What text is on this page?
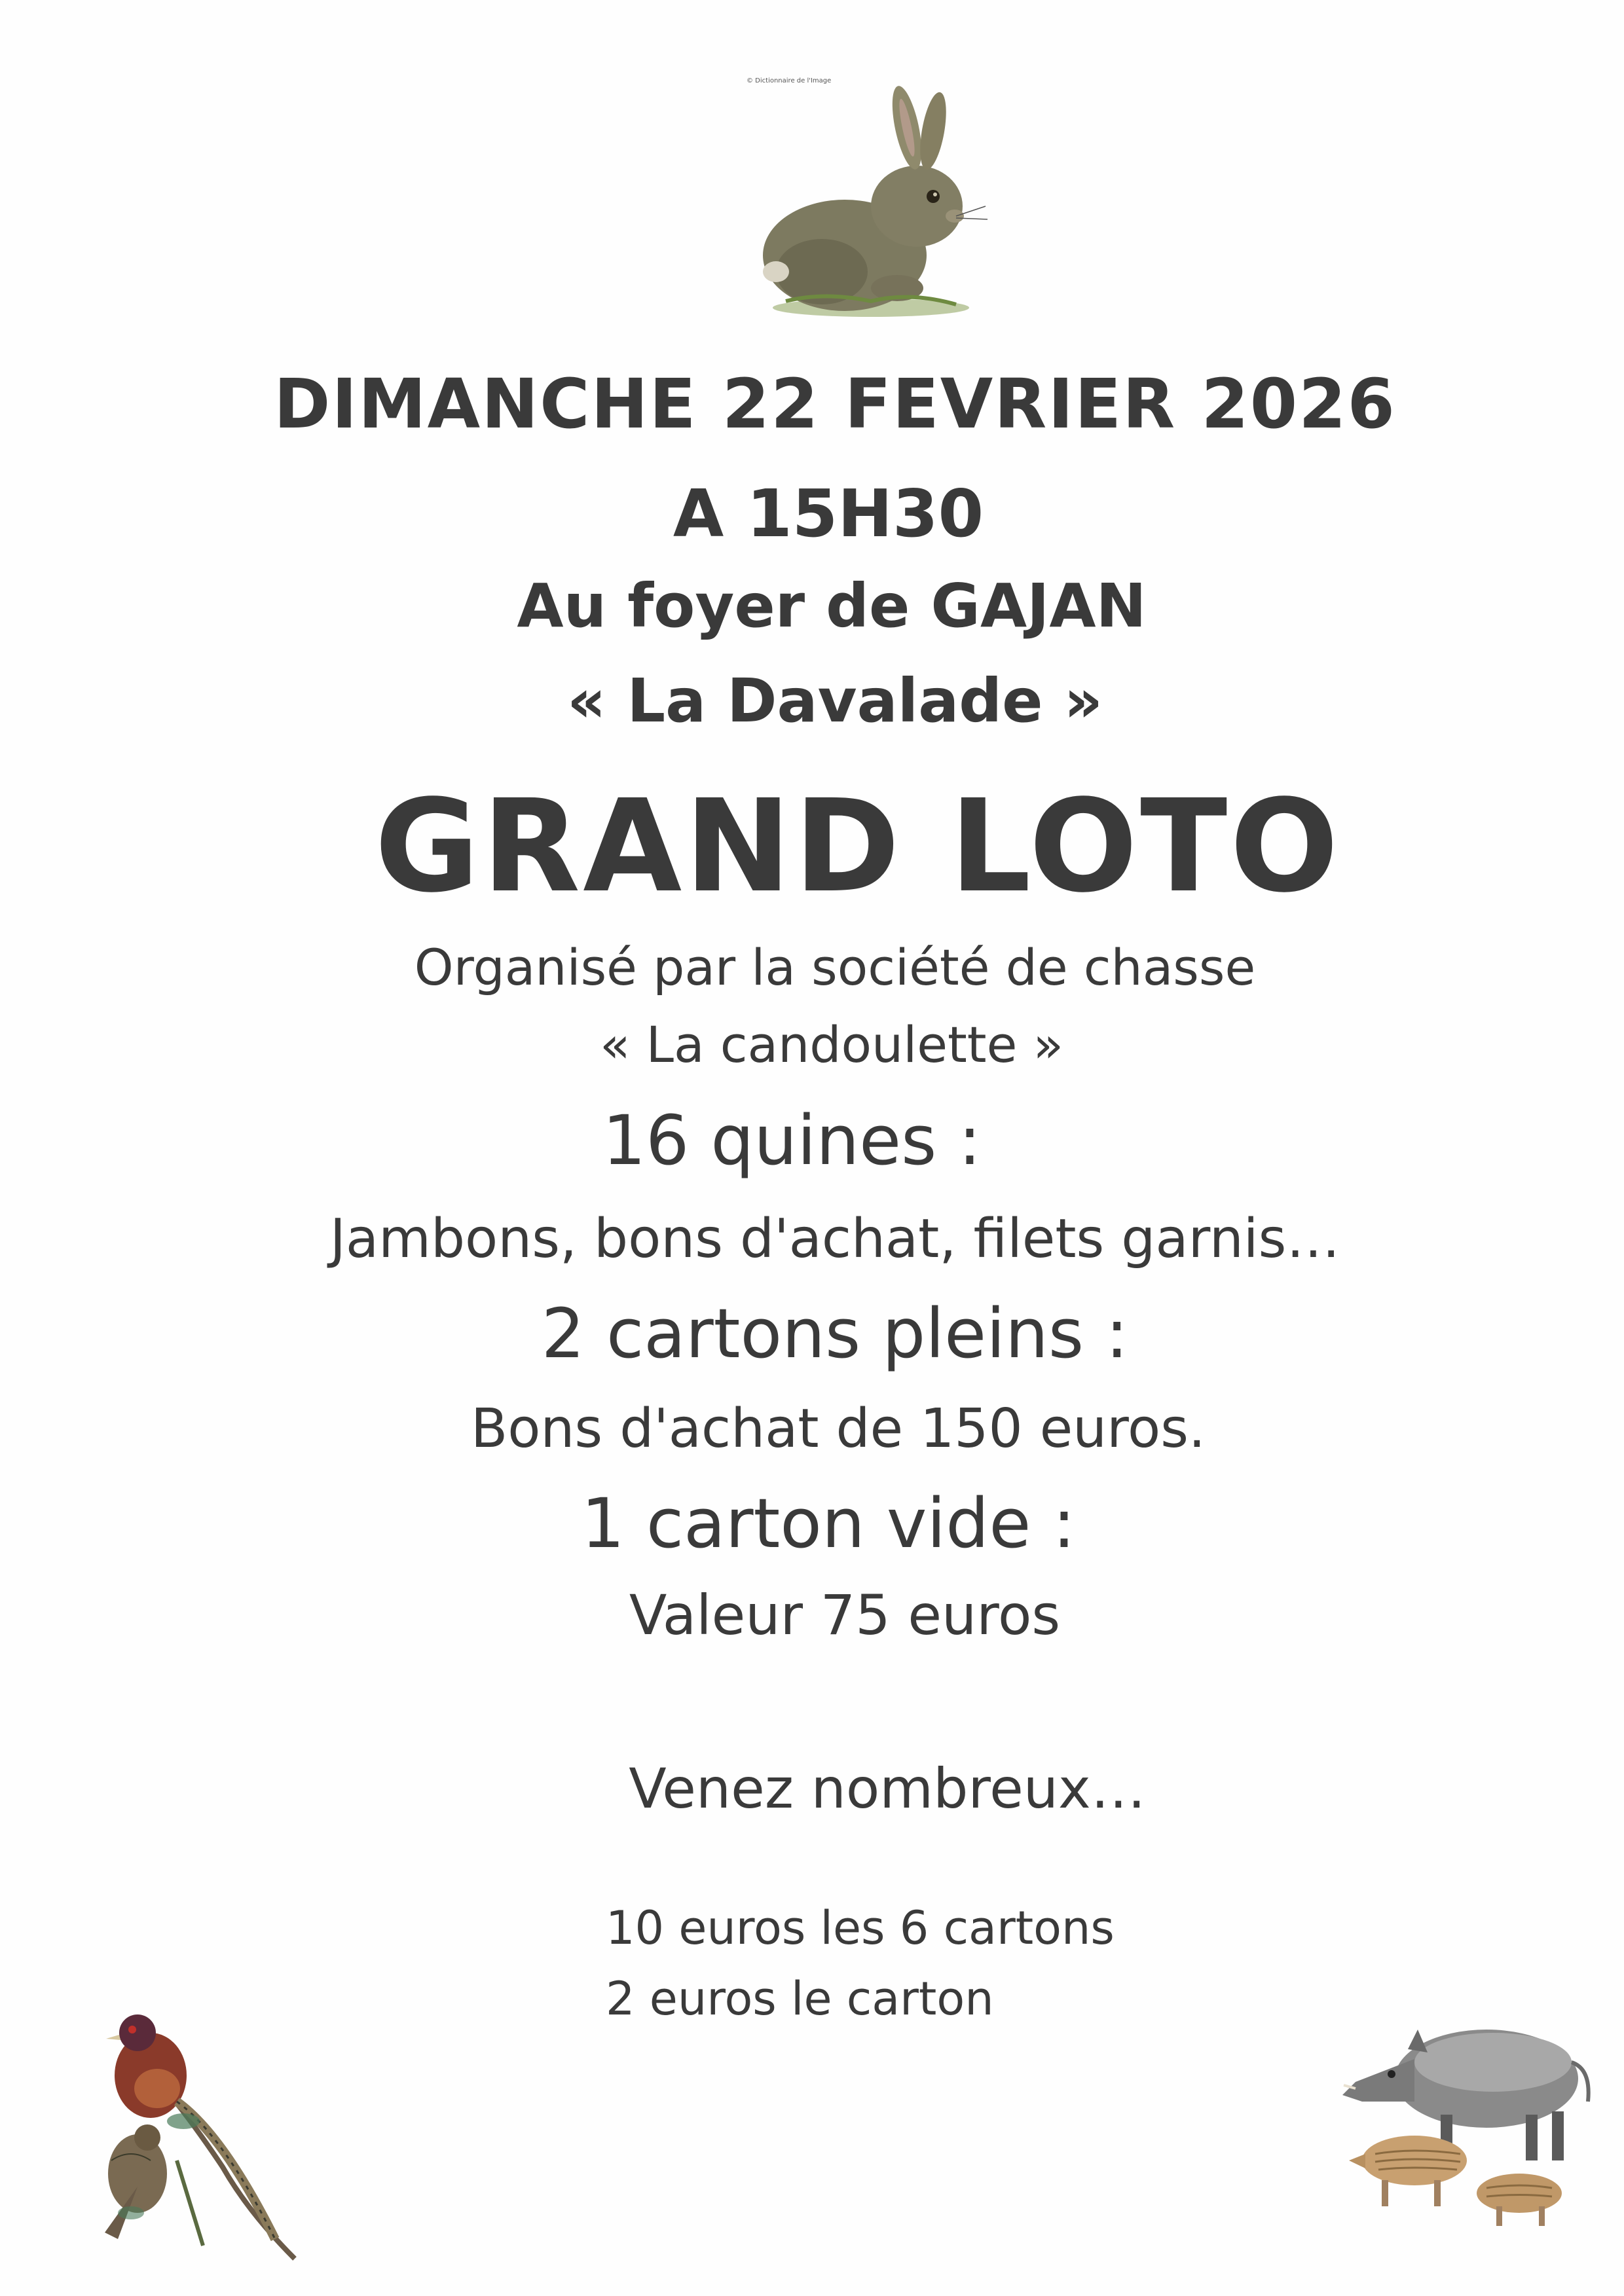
© Dictionnaire de l'Image
DIMANCHE 22 FEVRIER 2026
A 15H30
Au foyer de GAJAN
« La Davalade »
GRAND LOTO
Organisé par la société de chasse
« La candoulette »
16 quines :
Jambons, bons d'achat, filets garnis…
2 cartons pleins :
Bons d'achat de 150 euros.
1 carton vide :
Valeur 75 euros
Venez nombreux…
10 euros les 6 cartons
2 euros le carton
